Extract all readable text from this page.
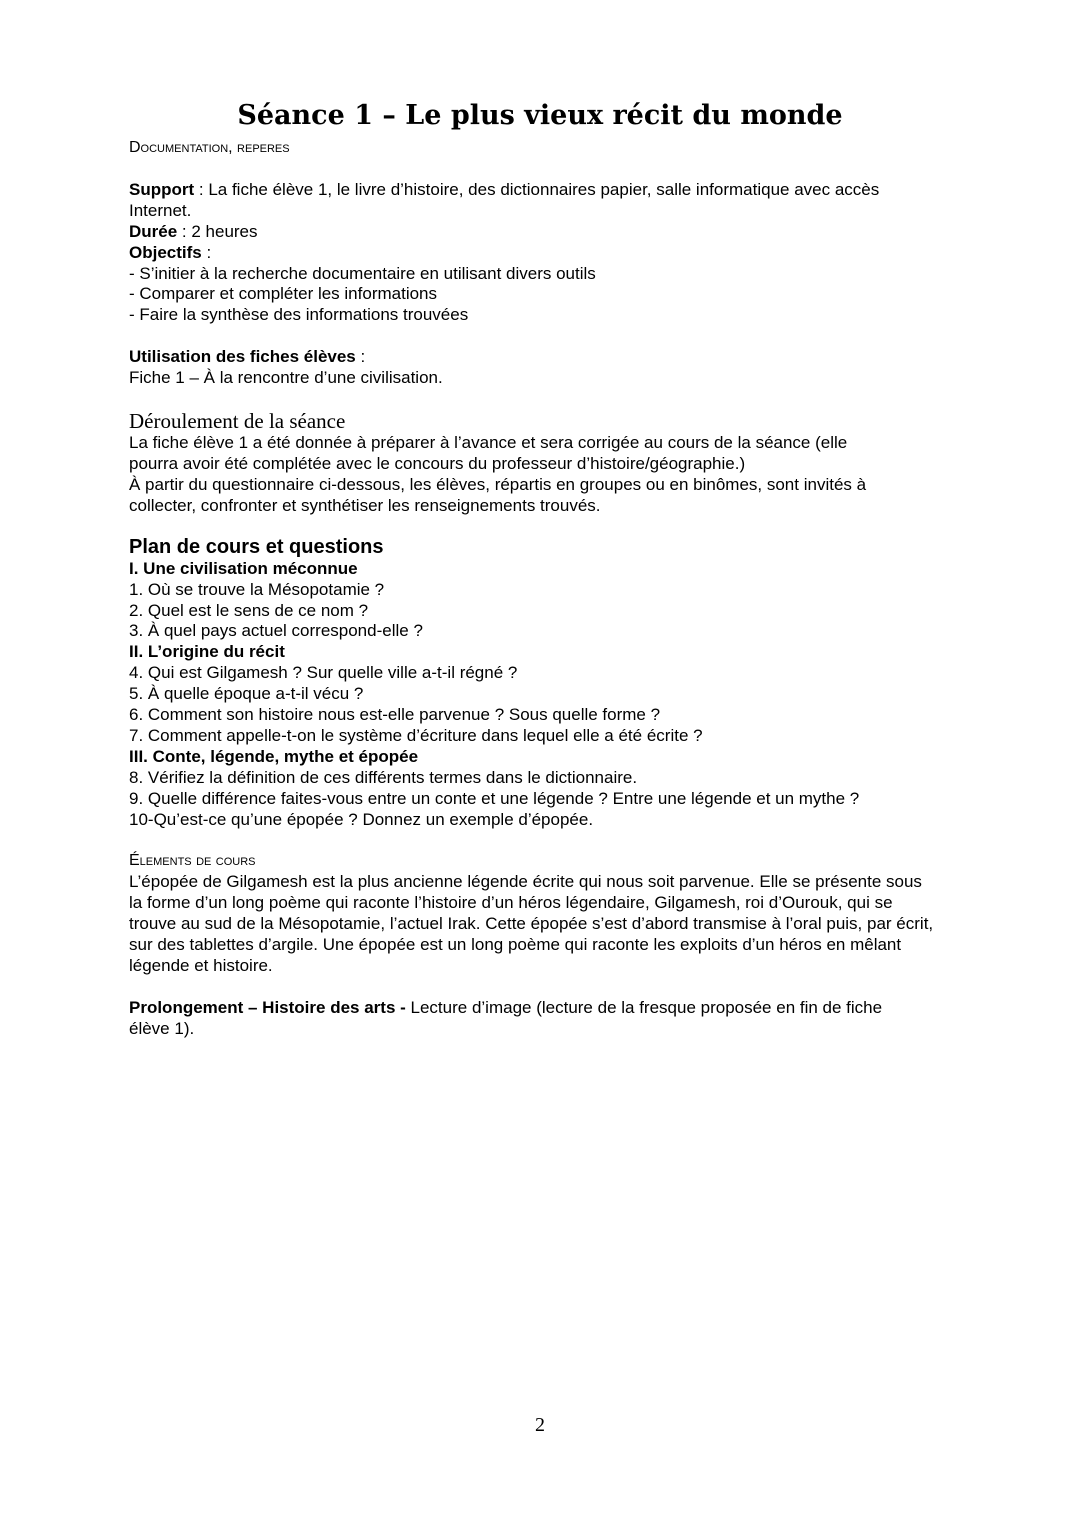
Séance 1 – Le plus vieux récit du monde
Documentation, reperes
Support : La fiche élève 1, le livre d’histoire, des dictionnaires papier, salle informatique avec accès
Internet.
Durée : 2 heures
Objectifs :
- S’initier à la recherche documentaire en utilisant divers outils
- Comparer et compléter les informations
- Faire la synthèse des informations trouvées
Utilisation des fiches élèves :
Fiche 1 – À la rencontre d’une civilisation.
Déroulement de la séance
La fiche élève 1 a été donnée à préparer à l’avance et sera corrigée au cours de la séance (elle
pourra avoir été complétée avec le concours du professeur d’histoire/géographie.)
À partir du questionnaire ci-dessous, les élèves, répartis en groupes ou en binômes, sont invités à
collecter, confronter et synthétiser les renseignements trouvés.
Plan de cours et questions
I. Une civilisation méconnue
1. Où se trouve la Mésopotamie ?
2. Quel est le sens de ce nom ?
3. À quel pays actuel correspond-elle ?
II. L’origine du récit
4. Qui est Gilgamesh ? Sur quelle ville a-t-il régné ?
5. À quelle époque a-t-il vécu ?
6. Comment son histoire nous est-elle parvenue ? Sous quelle forme ?
7. Comment appelle-t-on le système d’écriture dans lequel elle a été écrite ?
III. Conte, légende, mythe et épopée
8. Vérifiez la définition de ces différents termes dans le dictionnaire.
9. Quelle différence faites-vous entre un conte et une légende ? Entre une légende et un mythe ?
10-Qu’est-ce qu’une épopée ? Donnez un exemple d’épopée.
Élements de cours
L’épopée de Gilgamesh est la plus ancienne légende écrite qui nous soit parvenue. Elle se présente sous
la forme d’un long poème qui raconte l’histoire d’un héros légendaire, Gilgamesh, roi d’Ourouk, qui se
trouve au sud de la Mésopotamie, l’actuel Irak. Cette épopée s’est d’abord transmise à l’oral puis, par écrit,
sur des tablettes d’argile. Une épopée est un long poème qui raconte les exploits d’un héros en mêlant
légende et histoire.
Prolongement – Histoire des arts - Lecture d’image (lecture de la fresque proposée en fin de fiche
élève 1).
2
